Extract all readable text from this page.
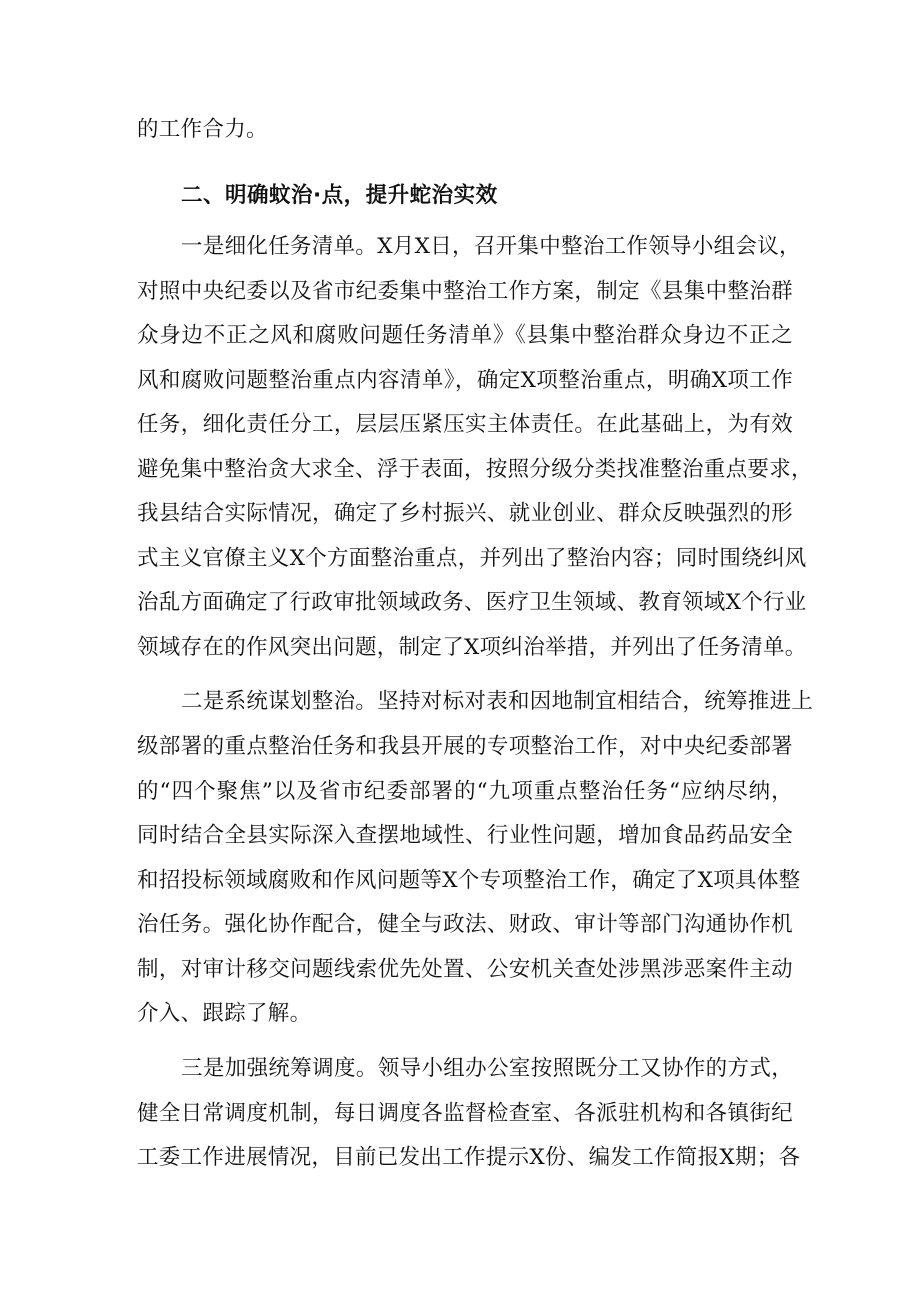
的工作合力。
二、明确蚊治·点，提升蛇治实效
一是细化任务清单。X月X日，召开集中整治工作领导小组会议，
对照中央纪委以及省市纪委集中整治工作方案，制定《县集中整治群
众身边不正之风和腐败问题任务清单》《县集中整治群众身边不正之
风和腐败问题整治重点内容清单》，确定X项整治重点，明确X项工作
任务，细化责任分工，层层压紧压实主体责任。在此基础上，为有效
避免集中整治贪大求全、浮于表面，按照分级分类找准整治重点要求，
我县结合实际情况，确定了乡村振兴、就业创业、群众反映强烈的形
式主义官僚主义X个方面整治重点，并列出了整治内容；同时围绕纠风
治乱方面确定了行政审批领域政务、医疗卫生领域、教育领域X个行业
领域存在的作风突出问题，制定了X项纠治举措，并列出了任务清单。
二是系统谋划整治。坚持对标对表和因地制宜相结合，统筹推进上
级部署的重点整治任务和我县开展的专项整治工作，对中央纪委部署
的“四个聚焦”以及省市纪委部署的“九项重点整治任务“应纳尽纳，
同时结合全县实际深入查摆地域性、行业性问题，增加食品药品安全
和招投标领域腐败和作风问题等X个专项整治工作，确定了X项具体整
治任务。强化协作配合，健全与政法、财政、审计等部门沟通协作机
制，对审计移交问题线索优先处置、公安机关查处涉黑涉恶案件主动
介入、跟踪了解。
三是加强统筹调度。领导小组办公室按照既分工又协作的方式，
健全日常调度机制，每日调度各监督检查室、各派驻机构和各镇街纪
工委工作进展情况，目前已发出工作提示X份、编发工作简报X期；各
